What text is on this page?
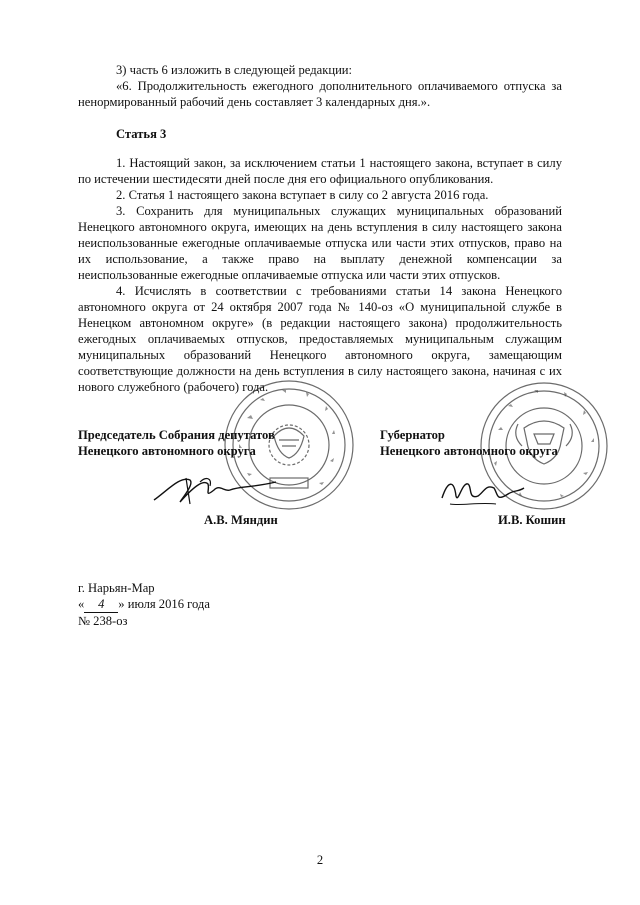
3) часть 6 изложить в следующей редакции:

«6. Продолжительность ежегодного дополнительного оплачиваемого отпуска за ненормированный рабочий день составляет 3 календарных дня.».

Статья 3

1. Настоящий закон, за исключением статьи 1 настоящего закона, вступает в силу по истечении шестидесяти дней после дня его официального опубликования.

2. Статья 1 настоящего закона вступает в силу со 2 августа 2016 года.

3. Сохранить для муниципальных служащих муниципальных образований Ненецкого автономного округа, имеющих на день вступления в силу настоящего закона неиспользованные ежегодные оплачиваемые отпуска или части этих отпусков, право на их использование, а также право на выплату денежной компенсации за неиспользованные ежегодные оплачиваемые отпуска или части этих отпусков.

4. Исчислять в соответствии с требованиями статьи 14 закона Ненецкого автономного округа от 24 октября 2007 года № 140-оз «О муниципальной службе в Ненецком автономном округе» (в редакции настоящего закона) продолжительность ежегодных оплачиваемых отпусков, предоставляемых муниципальным служащим муниципальных образований Ненецкого автономного округа, замещающим соответствующие должности на день вступления в силу настоящего закона, начиная с их нового служебного (рабочего) года.

Председатель Собрания депутатов
Ненецкого автономного округа
А.В. Мяндин
Губернатор
Ненецкого автономного округа
И.В. Кошин
г. Нарьян-Мар
« 4 » июля 2016 года
№ 238-оз
2
